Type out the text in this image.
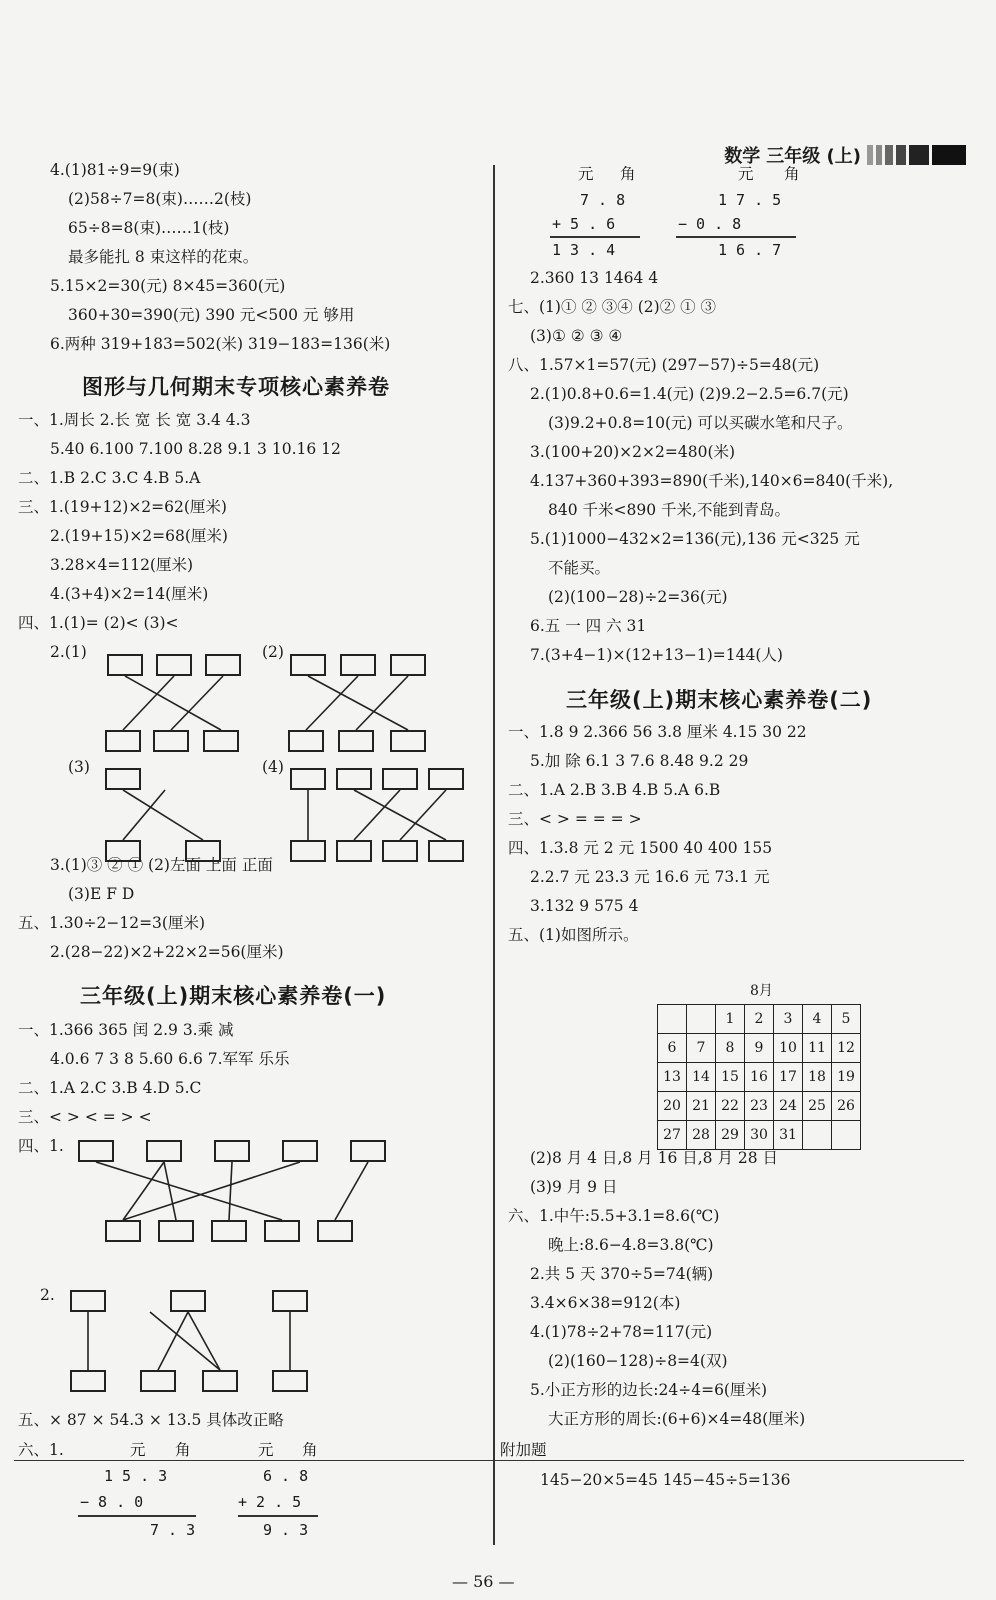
数学 三年级 (上)
4.(1)81÷9=9(束)
(2)58÷7=8(束)……2(枝)
65÷8=8(束)……1(枝)
最多能扎 8 束这样的花束。
5.15×2=30(元) 8×45=360(元)
360+30=390(元) 390 元<500 元 够用
6.两种 319+183=502(米) 319−183=136(米)
图形与几何期末专项核心素养卷
一、1.周长 2.长 宽 长 宽 3.4 4.3
5.40 6.100 7.100 8.28 9.1 3 10.16 12
二、1.B 2.C 3.C 4.B 5.A
三、1.(19+12)×2=62(厘米)
2.(19+15)×2=68(厘米)
3.28×4=112(厘米)
4.(3+4)×2=14(厘米)
四、1.(1)= (2)< (3)<
2.(1)	(2)
(3)	(4)
3.(1)③ ② ① (2)左面 上面 正面
(3)E F D
五、1.30÷2−12=3(厘米)
2.(28−22)×2+22×2=56(厘米)
三年级(上)期末核心素养卷(一)
一、1.366 365 闰 2.9 3.乘 减
4.0.6 7 3 8 5.60 6.6 7.军军 乐乐
二、1.A 2.C 3.B 4.D 5.C
三、< > < = > <
四、1.
2.
五、× 87 × 54.3 × 13.5 具体改正略
六、1.	元 角	元 角
1 5 . 3
− 8 . 0
7 . 3
6 . 8
+ 2 . 5
9 . 3
元 角	元 角
7 . 8
+ 5 . 6
1 3 . 4
1 7 . 5
− 0 . 8
1 6 . 7
2.360 13 1464 4
七、(1)① ② ③④ (2)② ① ③
(3)① ② ③ ④
八、1.57×1=57(元) (297−57)÷5=48(元)
2.(1)0.8+0.6=1.4(元) (2)9.2−2.5=6.7(元)
(3)9.2+0.8=10(元) 可以买碳水笔和尺子。
3.(100+20)×2×2=480(米)
4.137+360+393=890(千米),140×6=840(千米),
840 千米<890 千米,不能到青岛。
5.(1)1000−432×2=136(元),136 元<325 元
不能买。
(2)(100−28)÷2=36(元)
6.五 一 四 六 31
7.(3+4−1)×(12+13−1)=144(人)
三年级(上)期末核心素养卷(二)
一、1.8 9 2.366 56 3.8 厘米 4.15 30 22
5.加 除 6.1 3 7.6 8.48 9.2 29
二、1.A 2.B 3.B 4.B 5.A 6.B
三、< > = = = >
四、1.3.8 元 2 元 1500 40 400 155
2.2.7 元 23.3 元 16.6 元 73.1 元
3.132 9 575 4
五、(1)如图所示。
8月
		1	2	3	4	5
6	7	8	9	10	11	12
13	14	15	16	17	18	19
20	21	22	23	24	25	26
27	28	29	30	31		
(2)8 月 4 日,8 月 16 日,8 月 28 日
(3)9 月 9 日
六、1.中午:5.5+3.1=8.6(℃)
晚上:8.6−4.8=3.8(℃)
2.共 5 天 370÷5=74(辆)
3.4×6×38=912(本)
4.(1)78÷2+78=117(元)
(2)(160−128)÷8=4(双)
5.小正方形的边长:24÷4=6(厘米)
大正方形的周长:(6+6)×4=48(厘米)
附加题
145−20×5=45 145−45÷5=136
— 56 —
